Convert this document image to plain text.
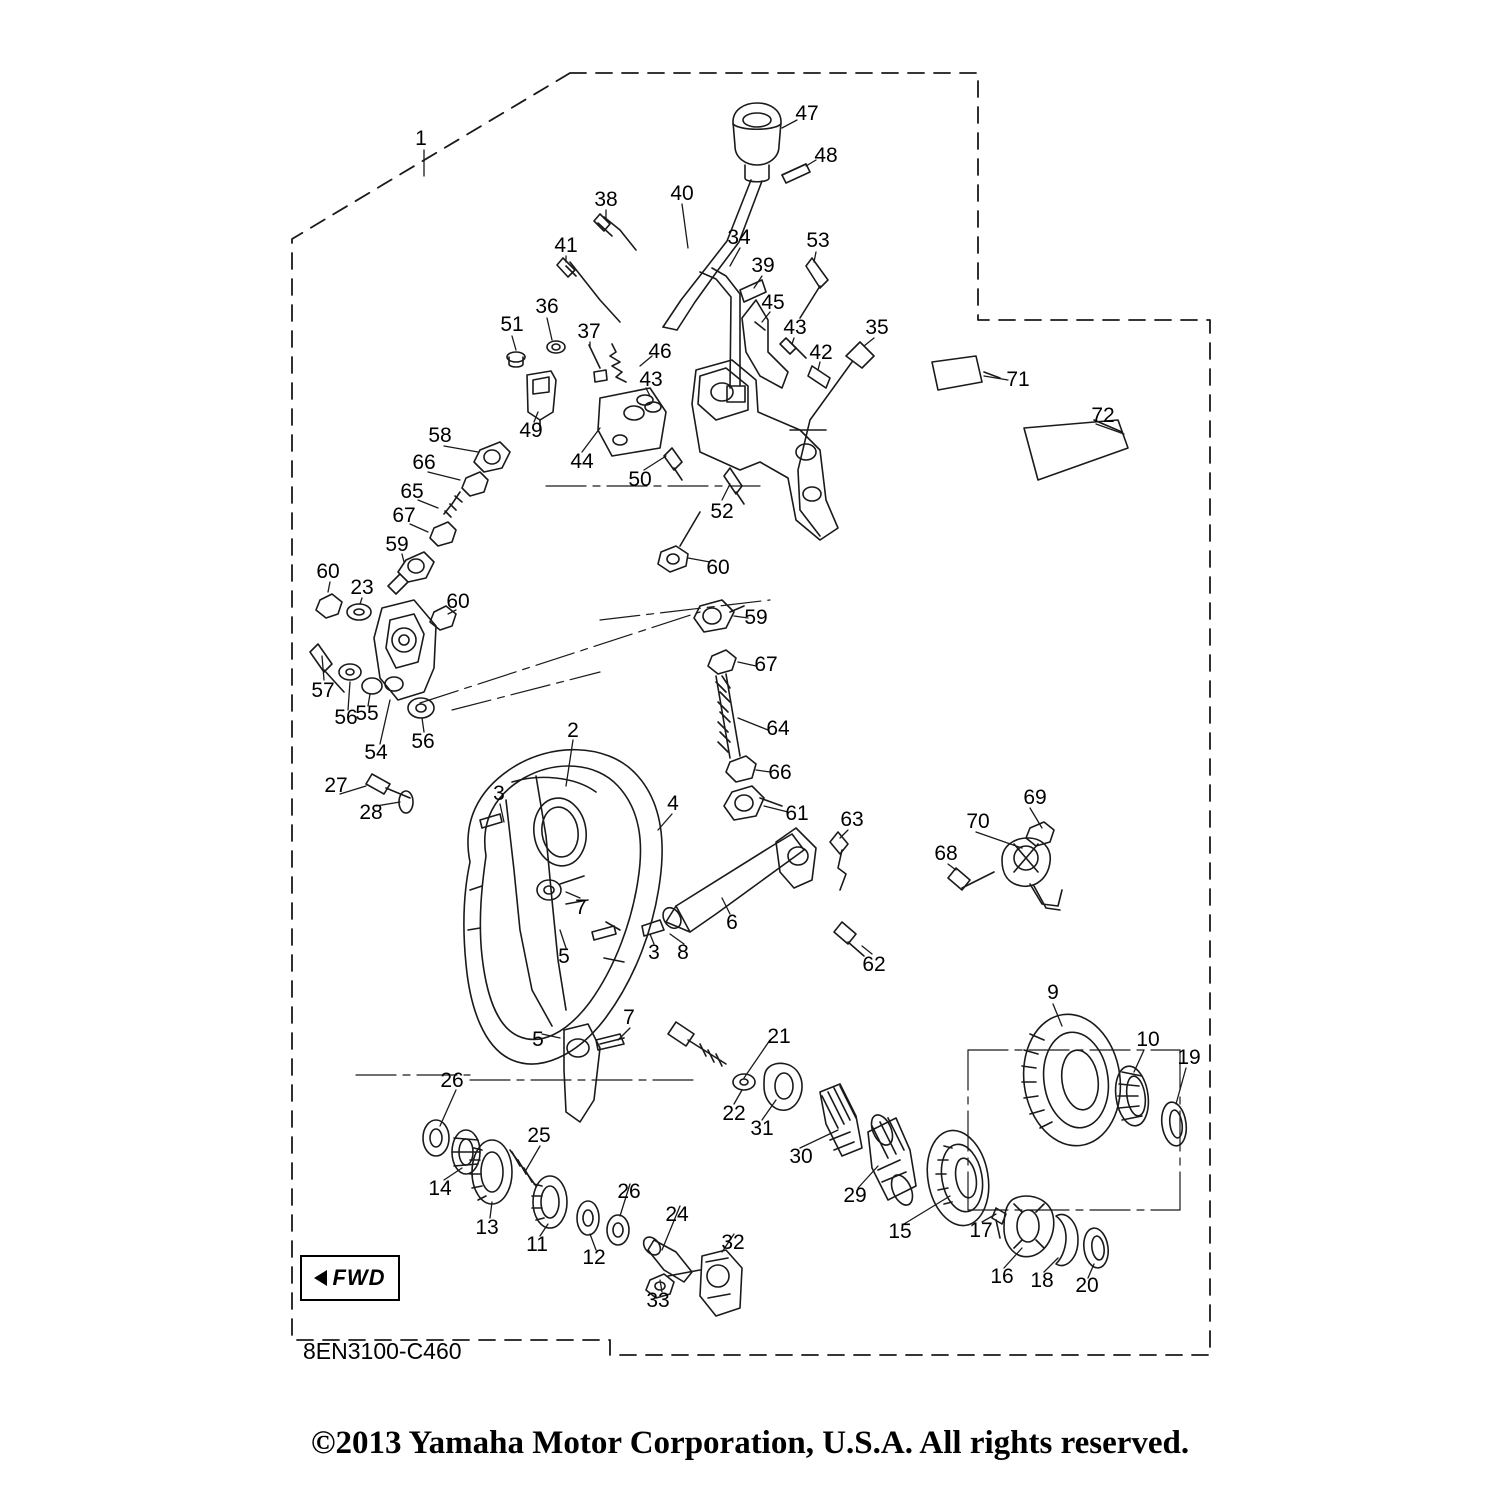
1
47
48
38	40
41	34	53
39
36	45
51	37	43	35
46	42
43	71
49
72
44
58
66
50
65
52
67
59
60
60
23
60
59
67
57
56
55
54 56
64
2
66
27	3	4
28	61 63
69
70
68
7
6
5	3 8
62
9
7
5	21	10
19
26
22
31
25
30
14	26
24
29
13
11
12
32	15	17
16 18 20
33
FWD
8EN3100-C460
©2013 Yamaha Motor Corporation, U.S.A. All rights reserved.
